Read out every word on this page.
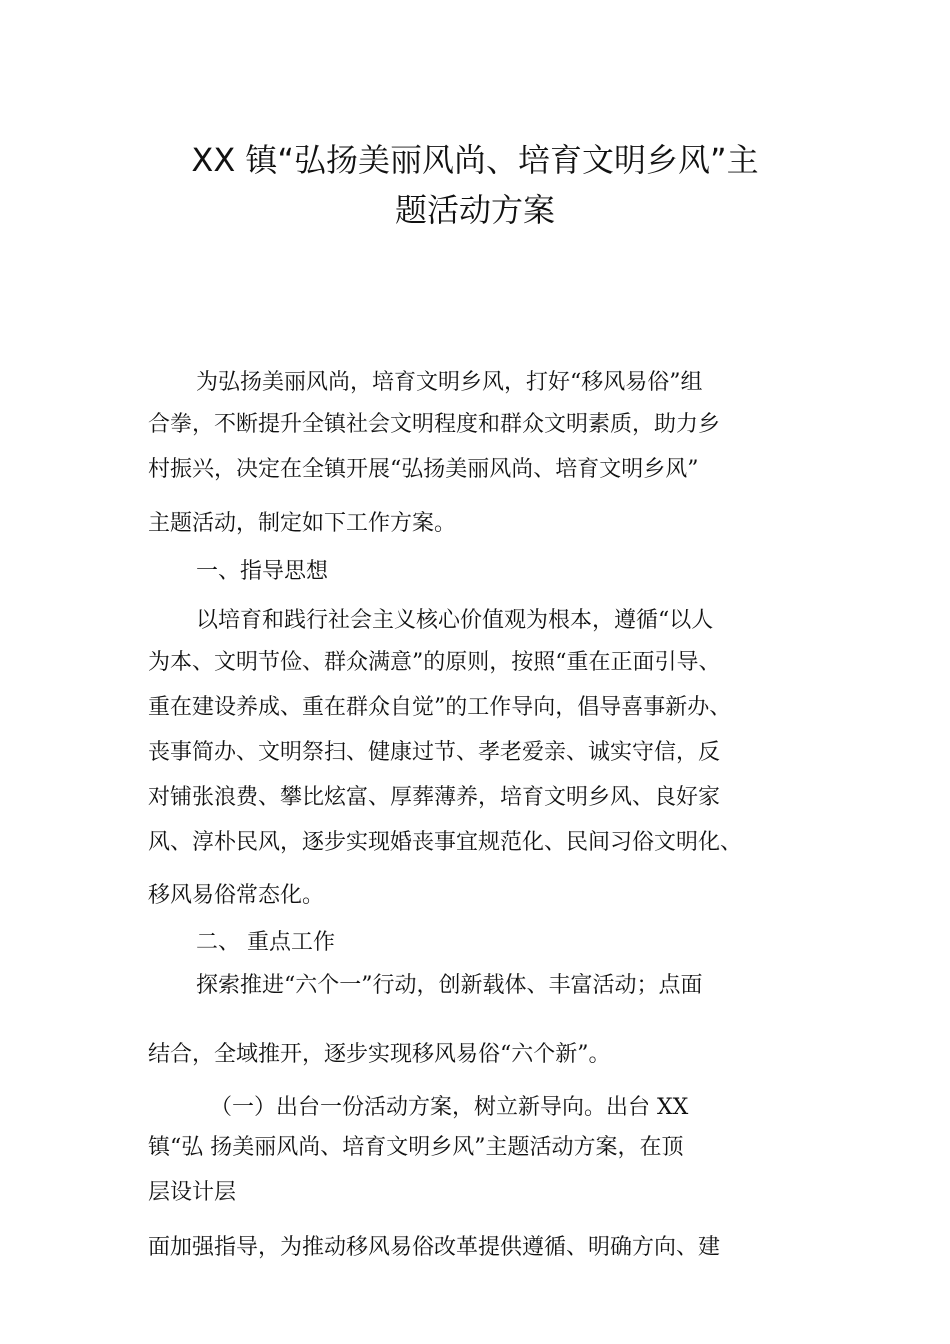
XX 镇“弘扬美丽风尚、培育文明乡风”主
题活动方案

为弘扬美丽风尚，培育文明乡风，打好“移风易俗”组

合拳，不断提升全镇社会文明程度和群众文明素质，助力乡

村振兴，决定在全镇开展“弘扬美丽风尚、培育文明乡风”

主题活动，制定如下工作方案。

一、指导思想

以培育和践行社会主义核心价值观为根本，遵循“以人

为本、文明节俭、群众满意”的原则，按照“重在正面引导、

重在建设养成、重在群众自觉”的工作导向，倡导喜事新办、

丧事简办、文明祭扫、健康过节、孝老爱亲、诚实守信，反

对铺张浪费、攀比炫富、厚葬薄养，培育文明乡风、良好家

风、淳朴民风，逐步实现婚丧事宜规范化、民间习俗文明化、

移风易俗常态化。

二、 重点工作

探索推进“六个一”行动，创新载体、丰富活动；点面

结合，全域推开，逐步实现移风易俗“六个新”。

（一）出台一份活动方案，树立新导向。出台 XX

镇“弘 扬美丽风尚、培育文明乡风”主题活动方案，在顶

层设计层

面加强指导，为推动移风易俗改革提供遵循、明确方向、建
